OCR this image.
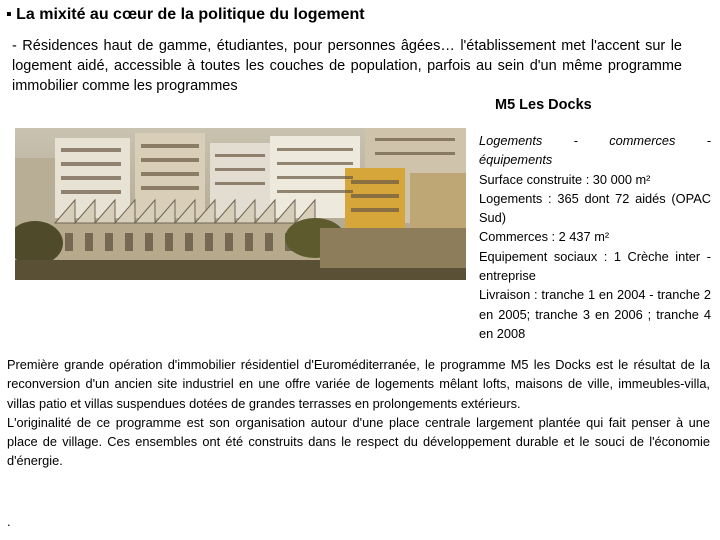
▪ La mixité au cœur de la politique du logement
- Résidences haut de gamme, étudiantes, pour personnes âgées… l'établissement met l'accent sur le logement aidé, accessible à toutes les couches de population, parfois au sein d'un même programme immobilier comme les programmes
M5 Les Docks

Logements - commerces -

équipements

Surface construite : 30 000 m²

Logements : 365 dont 72 aidés (OPAC Sud)

Commerces : 2 437 m²

Equipement sociaux : 1 Crèche inter -entreprise

Livraison : tranche 1 en 2004 - tranche 2 en 2005; tranche 3 en 2006 ; tranche 4 en 2008

Première grande opération d'immobilier résidentiel d'Euroméditerranée, le programme M5 les Docks est le résultat de la reconversion d'un ancien site industriel en une offre variée de logements mêlant lofts, maisons de ville, immeubles-villa, villas patio et villas suspendues dotées de grandes terrasses en prolongements extérieurs.

L'originalité de ce programme est son organisation autour d'une place centrale largement plantée qui fait penser à une place de village. Ces ensembles ont été construits dans le respect du développement durable et le souci de l'économie d'énergie.

.
